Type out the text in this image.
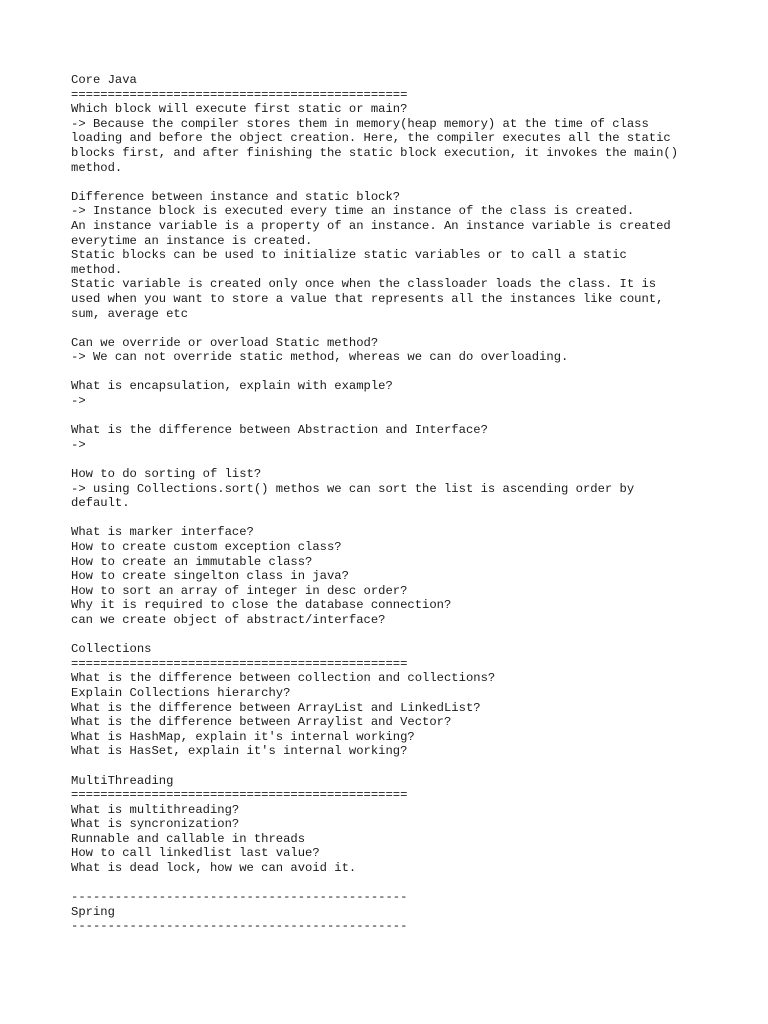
Core Java
==============================================
Which block will execute first static or main?
-> Because the compiler stores them in memory(heap memory) at the time of class
loading and before the object creation. Here, the compiler executes all the static
blocks first, and after finishing the static block execution, it invokes the main()
method.
Difference between instance and static block?
-> Instance block is executed every time an instance of the class is created.
An instance variable is a property of an instance. An instance variable is created
everytime an instance is created.
Static blocks can be used to initialize static variables or to call a static
method.
Static variable is created only once when the classloader loads the class. It is
used when you want to store a value that represents all the instances like count,
sum, average etc
Can we override or overload Static method?
-> We can not override static method, whereas we can do overloading.
What is encapsulation, explain with example?
->
What is the difference between Abstraction and Interface?
->
How to do sorting of list?
-> using Collections.sort() methos we can sort the list is ascending order by
default.
What is marker interface?
How to create custom exception class?
How to create an immutable class?
How to create singelton class in java?
How to sort an array of integer in desc order?
Why it is required to close the database connection?
can we create object of abstract/interface?
Collections
==============================================
What is the difference between collection and collections?
Explain Collections hierarchy?
What is the difference between ArrayList and LinkedList?
What is the difference between Arraylist and Vector?
What is HashMap, explain it's internal working?
What is HasSet, explain it's internal working?
MultiThreading
==============================================
What is multithreading?
What is syncronization?
Runnable and callable in threads
How to call linkedlist last value?
What is dead lock, how we can avoid it.
----------------------------------------------
Spring
----------------------------------------------
